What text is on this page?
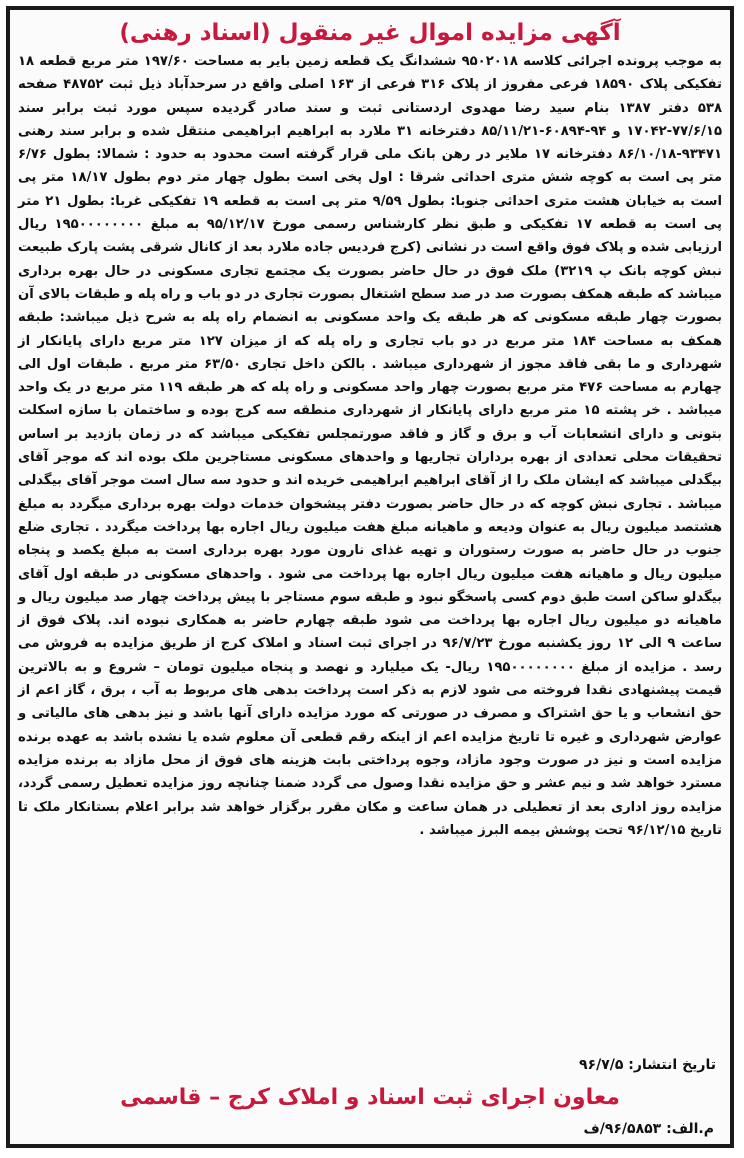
آگهی مزایده اموال غیر منقول (اسناد رهنی)
به موجب پرونده اجرائی کلاسه ۹۵۰۲۰۱۸ ششدانگ یک قطعه زمین بایر به مساحت ۱۹۷/۶۰ متر مربع قطعه ۱۸ تفکیکی پلاک ۱۸۵۹۰ فرعی مفروز از پلاک ۳۱۶ فرعی از ۱۶۳ اصلی واقع در سرحدآباد ذیل ثبت ۴۸۷۵۲ صفحه ۵۳۸ دفتر ۱۳۸۷ بنام سید رضا مهدوی اردستانی ثبت و سند صادر گردیده سپس مورد ثبت برابر سند ۷۷/۶/۱۵-۱۷۰۴۲ و ۹۴-۶۰۸۹۴-۸۵/۱۱/۲۱ دفترخانه ۳۱ ملارد به ابراهیم ابراهیمی منتقل شده و برابر سند رهنی ۹۳۴۷۱-۸۶/۱۰/۱۸ دفترخانه ۱۷ ملایر در رهن بانک ملی قرار گرفته است محدود به حدود : شمالا: بطول ۶/۷۶ متر پی است به کوچه شش متری احداثی شرقا : اول پخی است بطول چهار متر دوم بطول ۱۸/۱۷ متر پی است به خیابان هشت متری احداثی جنوبا: بطول ۹/۵۹ متر پی است به قطعه ۱۹ تفکیکی غربا: بطول ۲۱ متر پی است به قطعه ۱۷ تفکیکی و طبق نظر کارشناس رسمی مورخ ۹۵/۱۲/۱۷ به مبلغ ۱۹۵۰۰۰۰۰۰۰۰ ریال ارزیابی شده و پلاک فوق واقع است در نشانی (کرج فردیس جاده ملارد بعد از کانال شرقی پشت پارک طبیعت نبش کوچه بانک پ ۳۲۱۹) ملک فوق در حال حاضر بصورت یک مجتمع تجاری مسکونی در حال بهره برداری میباشد که طبقه همکف بصورت صد در صد سطح اشتغال بصورت تجاری در دو باب و راه پله و طبقات بالای آن بصورت چهار طبقه مسکونی که هر طبقه یک واحد مسکونی به انضمام راه پله به شرح ذیل میباشد: طبقه همکف به مساحت ۱۸۴ متر مربع در دو باب تجاری و راه پله که از میزان ۱۲۷ متر مربع دارای پایانکار از شهرداری و ما بقی فاقد مجوز از شهرداری میباشد . بالکن داخل تجاری ۶۳/۵۰ متر مربع . طبقات اول الی چهارم به مساحت ۴۷۶ متر مربع بصورت چهار واحد مسکونی و راه پله که هر طبقه ۱۱۹ متر مربع در یک واحد میباشد . خر پشته ۱۵ متر مربع دارای پایانکار از شهرداری منطقه سه کرج بوده و ساختمان با سازه اسکلت بتونی و دارای انشعابات آب و برق و گاز و فاقد صورتمجلس تفکیکی میباشد که در زمان بازدید بر اساس تحقیقات محلی تعدادی از بهره برداران تجاریها و واحدهای مسکونی مستاجرین ملک بوده اند که موجر آقای بیگدلی میباشد که ایشان ملک را از آقای ابراهیم ابراهیمی خریده اند و حدود سه سال است موجر آقای بیگدلی میباشد . تجاری نبش کوچه که در حال حاضر بصورت دفتر پیشخوان خدمات دولت بهره برداری میگردد به مبلغ هشتصد میلیون ریال به عنوان ودیعه و ماهیانه مبلغ هفت میلیون ریال اجاره بها پرداخت میگردد . تجاری ضلع جنوب در حال حاضر به صورت رستوران و تهیه غذای نارون مورد بهره برداری است به مبلغ یکصد و پنجاه میلیون ریال و ماهیانه هفت میلیون ریال اجاره بها پرداخت می شود . واحدهای مسکونی در طبقه اول آقای بیگدلو ساکن است طبق دوم کسی پاسخگو نبود و طبقه سوم مستاجر با پیش پرداخت چهار صد میلیون ریال و ماهیانه دو میلیون ریال اجاره بها پرداخت می شود طبقه چهارم حاضر به همکاری نبوده اند. پلاک فوق از ساعت ۹ الی ۱۲ روز یکشنبه مورخ ۹۶/۷/۲۳ در اجرای ثبت اسناد و املاک کرج از طریق مزایده به فروش می رسد . مزایده از مبلغ ۱۹۵۰۰۰۰۰۰۰۰ ریال- یک میلیارد و نهصد و پنجاه میلیون تومان – شروع و به بالاترین قیمت پیشنهادی نقدا فروخته می شود لازم به ذکر است پرداخت بدهی های مربوط به آب ، برق ، گاز اعم از حق انشعاب و یا حق اشتراک و مصرف در صورتی که مورد مزایده دارای آنها باشد و نیز بدهی های مالیاتی و عوارض شهرداری و غیره تا تاریخ مزایده اعم از اینکه رقم قطعی آن معلوم شده یا نشده باشد به عهده برنده مزایده است و نیز در صورت وجود مازاد، وجوه پرداختی بابت هزینه های فوق از محل مازاد به برنده مزایده مسترد خواهد شد و نیم عشر و حق مزایده نقدا وصول می گردد ضمنا چنانچه روز مزایده تعطیل رسمی گردد، مزایده روز اداری بعد از تعطیلی در همان ساعت و مکان مقرر برگزار خواهد شد برابر اعلام بستانکار ملک تا تاریخ ۹۶/۱۲/۱۵ تحت پوشش بیمه البرز میباشد .
تاریخ انتشار: ۹۶/۷/۵
معاون اجرای ثبت اسناد و املاک کرج – قاسمی
م.الف: ۹۶/۵۸۵۳/ف
